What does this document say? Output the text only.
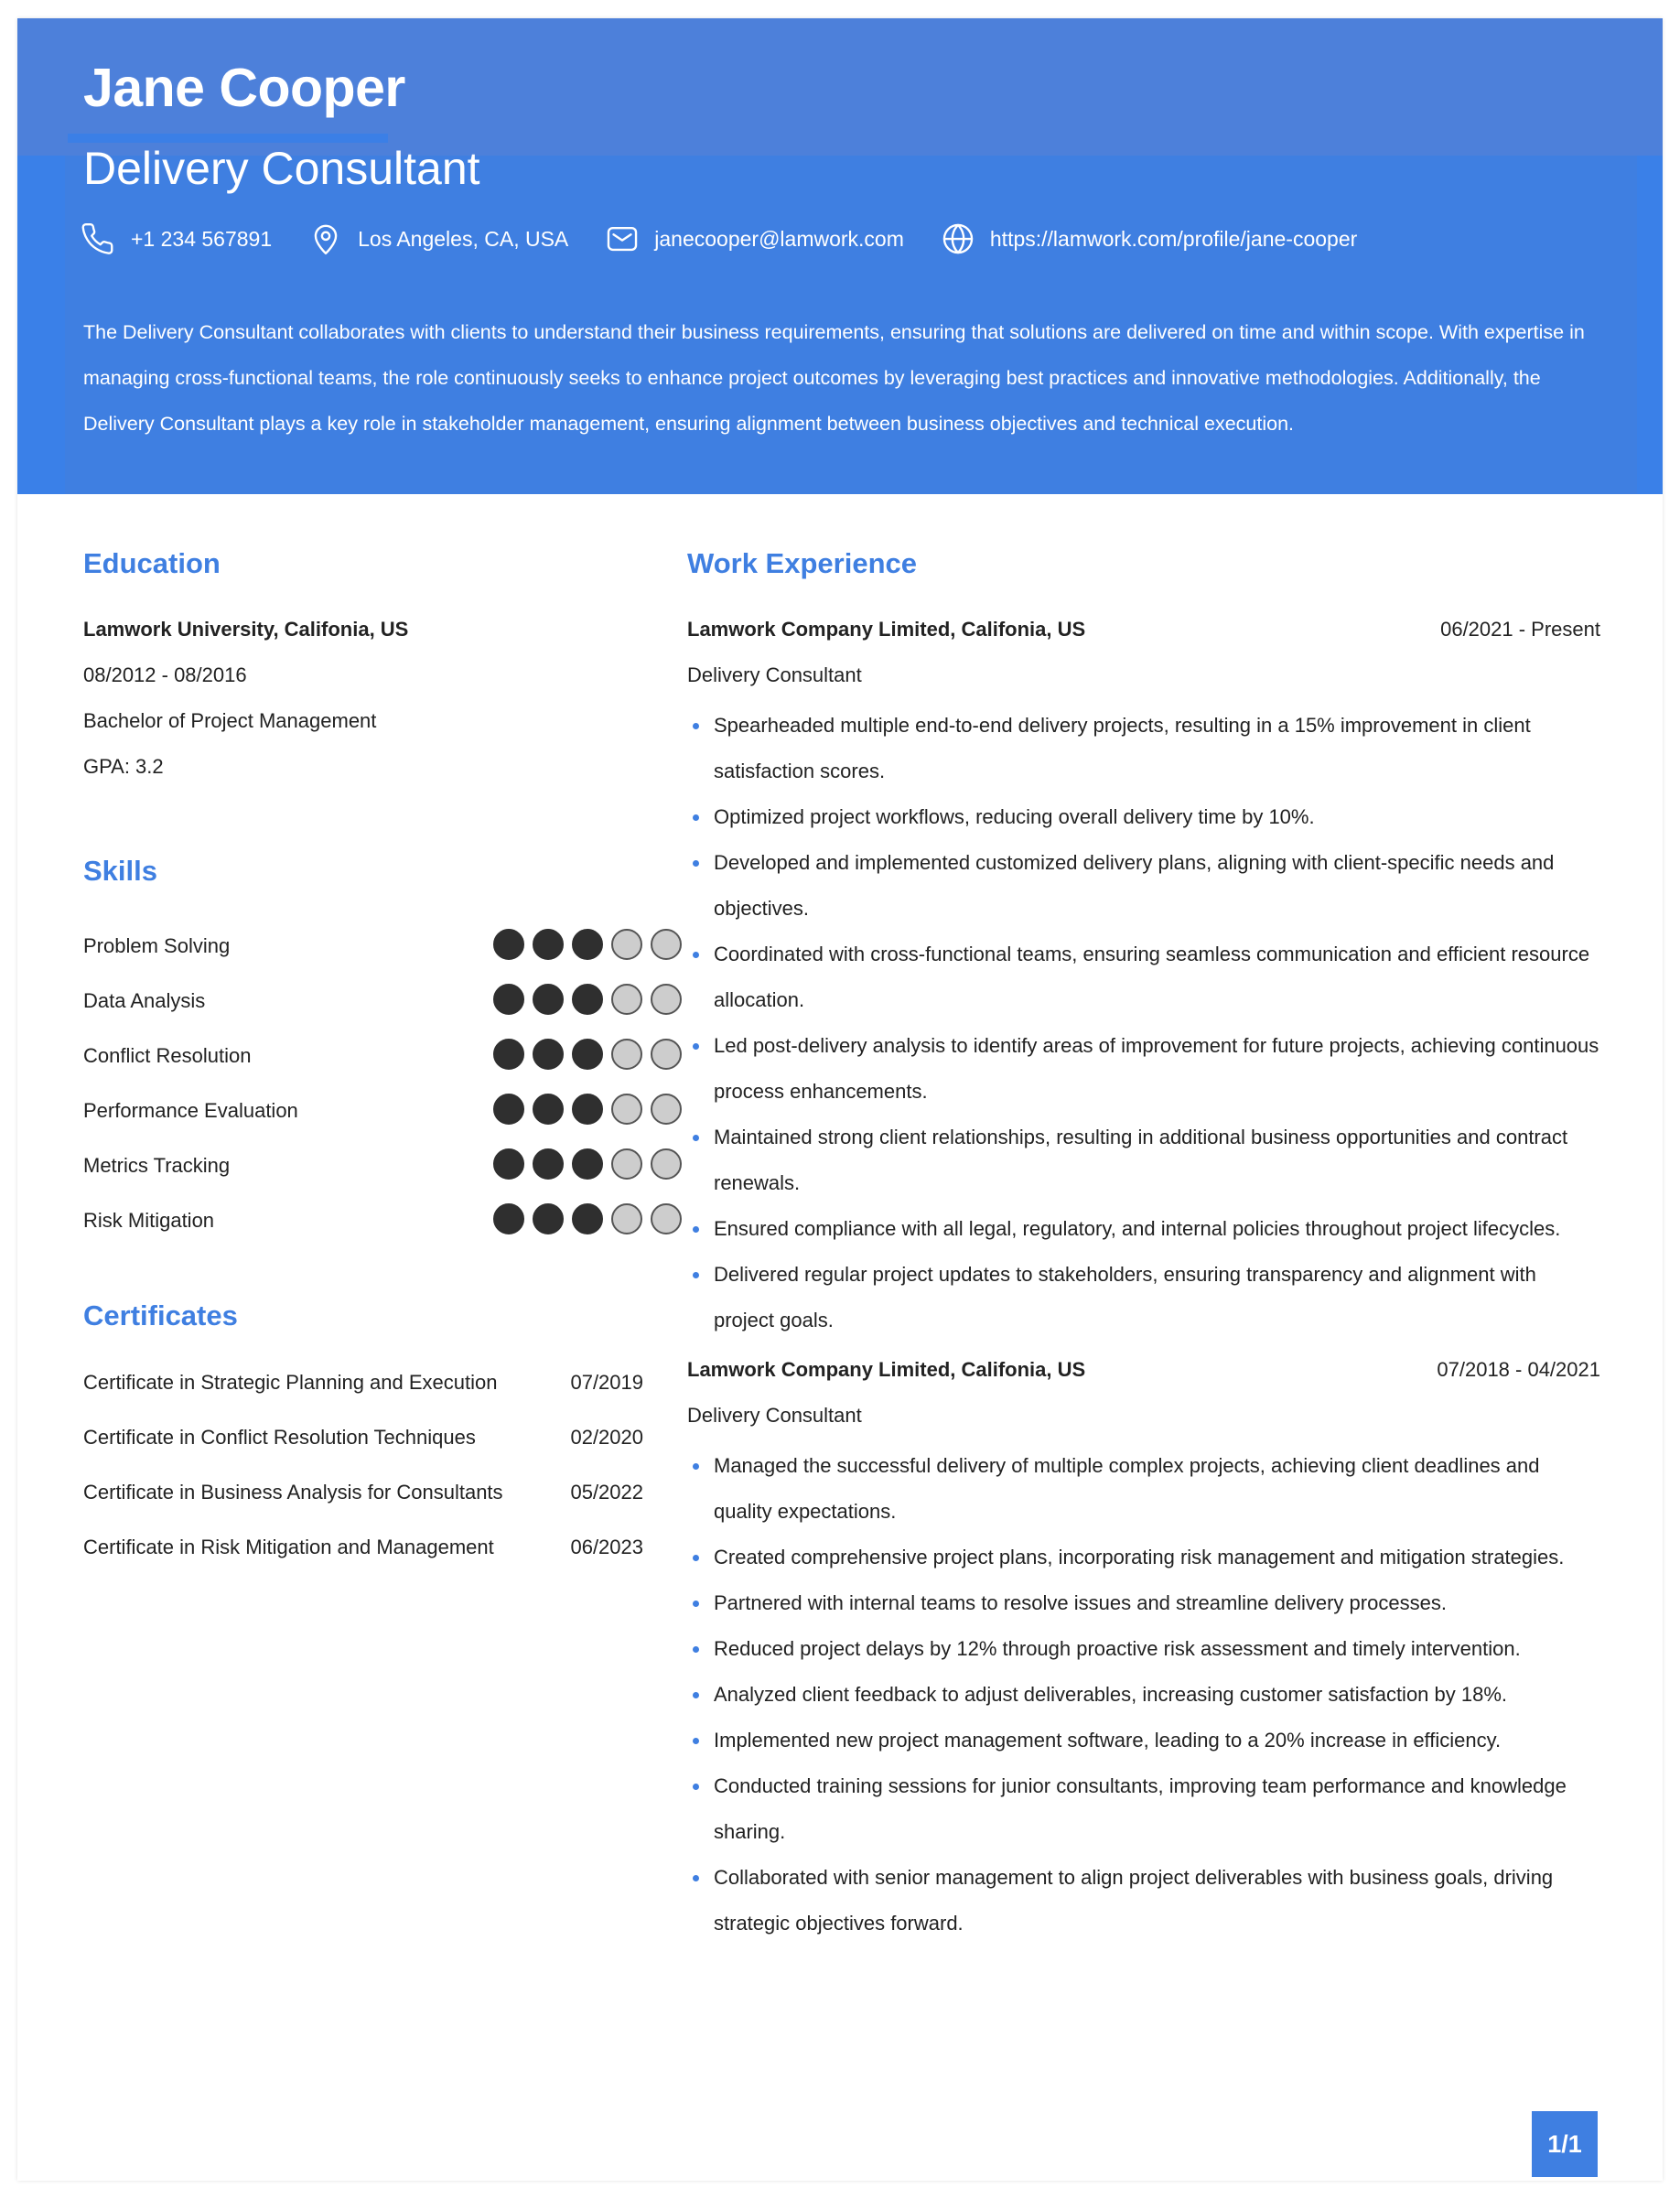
Jane Cooper
Delivery Consultant
+1 234 567891	Los Angeles, CA, USA	janecooper@lamwork.com	https://lamwork.com/profile/jane-cooper
The Delivery Consultant collaborates with clients to understand their business requirements, ensuring that solutions are delivered on time and within scope. With expertise in managing cross-functional teams, the role continuously seeks to enhance project outcomes by leveraging best practices and innovative methodologies. Additionally, the Delivery Consultant plays a key role in stakeholder management, ensuring alignment between business objectives and technical execution.
Education
Lamwork University, Califonia, US
08/2012 - 08/2016
Bachelor of Project Management
GPA: 3.2
Skills
Certificates
Work Experience
Lamwork Company Limited, Califonia, US	06/2021 - Present
Delivery Consultant
Spearheaded multiple end-to-end delivery projects, resulting in a 15% improvement in client satisfaction scores.
Optimized project workflows, reducing overall delivery time by 10%.
Developed and implemented customized delivery plans, aligning with client-specific needs and objectives.
Coordinated with cross-functional teams, ensuring seamless communication and efficient resource allocation.
Led post-delivery analysis to identify areas of improvement for future projects, achieving continuous process enhancements.
Maintained strong client relationships, resulting in additional business opportunities and contract renewals.
Ensured compliance with all legal, regulatory, and internal policies throughout project lifecycles.
Delivered regular project updates to stakeholders, ensuring transparency and alignment with project goals.
Lamwork Company Limited, Califonia, US	07/2018 - 04/2021
Delivery Consultant
Managed the successful delivery of multiple complex projects, achieving client deadlines and quality expectations.
Created comprehensive project plans, incorporating risk management and mitigation strategies.
Partnered with internal teams to resolve issues and streamline delivery processes.
Reduced project delays by 12% through proactive risk assessment and timely intervention.
Analyzed client feedback to adjust deliverables, increasing customer satisfaction by 18%.
Implemented new project management software, leading to a 20% increase in efficiency.
Conducted training sessions for junior consultants, improving team performance and knowledge sharing.
Collaborated with senior management to align project deliverables with business goals, driving strategic objectives forward.
1/1
Problem Solving
Data Analysis
Conflict Resolution
Performance Evaluation
Metrics Tracking
Risk Mitigation
Certificate in Strategic Planning and Execution	07/2019
Certificate in Conflict Resolution Techniques	02/2020
Certificate in Business Analysis for Consultants	05/2022
Certificate in Risk Mitigation and Management	06/2023
